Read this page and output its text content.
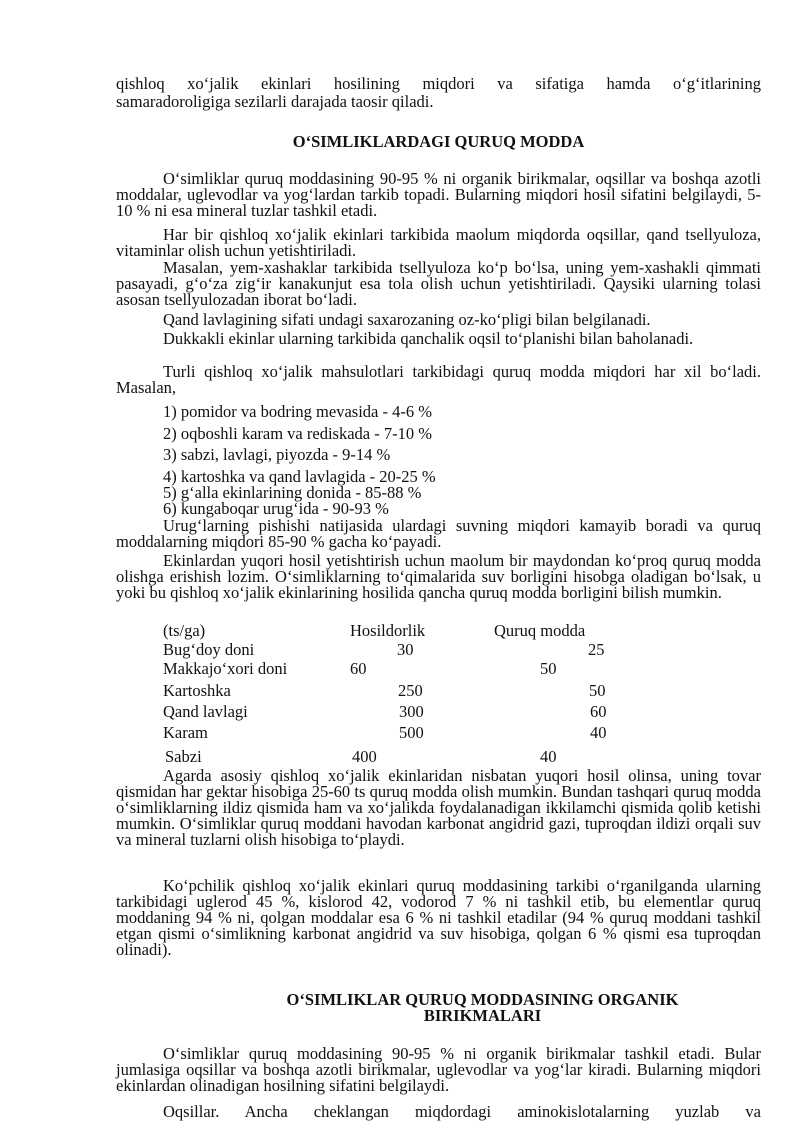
qishloq xoʻjalik ekinlari hosilining miqdori va sifatiga hamda oʻgʻitlarining

samaradoroligiga sezilarli darajada taosir qiladi.

OʻSIMLIKLARDAGI QURUQ MODDA

Oʻsimliklar quruq moddasining 90-95 % ni organik birikmalar, oqsillar va boshqa azotli moddalar, uglevodlar va yogʻlardan tarkib topadi. Bularning miqdori hosil sifatini belgilaydi, 5-10 % ni esa mineral tuzlar tashkil etadi.

Har bir qishloq xoʻjalik ekinlari tarkibida maolum miqdorda oqsillar, qand tsellyuloza, vitaminlar olish uchun yetishtiriladi.

Masalan, yem-xashaklar tarkibida tsellyuloza koʻp boʻlsa, uning yem-xashakli qimmati pasayadi, gʻoʻza zigʻir kanakunjut esa tola olish uchun yetishtiriladi. Qaysiki ularning tolasi asosan tsellyulozadan iborat boʻladi.

Qand lavlagining sifati undagi saxarozaning oz-koʻpligi bilan belgilanadi.

Dukkakli ekinlar ularning tarkibida qanchalik oqsil toʻplanishi bilan baholanadi.

Turli qishloq xoʻjalik mahsulotlari tarkibidagi quruq modda miqdori har xil boʻladi. Masalan,

1) pomidor va bodring mevasida - 4-6 %
2) oqboshli karam va rediskada - 7-10 %
3) sabzi, lavlagi, piyozda - 9-14 %
4) kartoshka va qand lavlagida - 20-25 %
5) gʻalla ekinlarining donida - 85-88 %
6) kungaboqar urugʻida - 90-93 %

Urugʻlarning pishishi natijasida ulardagi suvning miqdori kamayib boradi va quruq moddalarning miqdori 85-90 % gacha koʻpayadi.

Ekinlardan yuqori hosil yetishtirish uchun maolum bir maydondan koʻproq quruq modda olishga erishish lozim. Oʻsimliklarning toʻqimalarida suv borligini hisobga oladigan boʻlsak, u yoki bu qishloq xoʻjalik ekinlarining hosilida qancha quruq modda borligini bilish mumkin.

(ts/ga)	Hosildorlik	Quruq modda
Bugʻdoy doni	30	25
Makkajoʻxori doni	60	50
Kartoshka	250	50
Qand lavlagi	300	60
Karam	500	40
Sabzi	400	40

Agarda asosiy qishloq xoʻjalik ekinlaridan nisbatan yuqori hosil olinsa, uning tovar qismidan har gektar hisobiga 25-60 ts quruq modda olish mumkin. Bundan tashqari quruq modda oʻsimliklarning ildiz qismida ham va xoʻjalikda foydalanadigan ikkilamchi qismida qolib ketishi mumkin. Oʻsimliklar quruq moddani havodan karbonat angidrid gazi, tuproqdan ildizi orqali suv va mineral tuzlarni olish hisobiga toʻplaydi.

Koʻpchilik qishloq xoʻjalik ekinlari quruq moddasining tarkibi oʻrganilganda ularning tarkibidagi uglerod 45 %, kislorod 42, vodorod 7 % ni tashkil etib, bu elementlar quruq moddaning 94 % ni, qolgan moddalar esa 6 % ni tashkil etadilar (94 % quruq moddani tashkil etgan qismi oʻsimlikning karbonat angidrid va suv hisobiga, qolgan 6 % qismi esa tuproqdan olinadi).

OʻSIMLIKLAR QURUQ MODDASINING ORGANIK
BIRIKMALARI

Oʻsimliklar quruq moddasining 90-95 % ni organik birikmalar tashkil etadi. Bular jumlasiga oqsillar va boshqa azotli birikmalar, uglevodlar va yogʻlar kiradi. Bularning miqdori ekinlardan olinadigan hosilning sifatini belgilaydi.

Oqsillar. Ancha cheklangan miqdordagi aminokislotalarning yuzlab va
